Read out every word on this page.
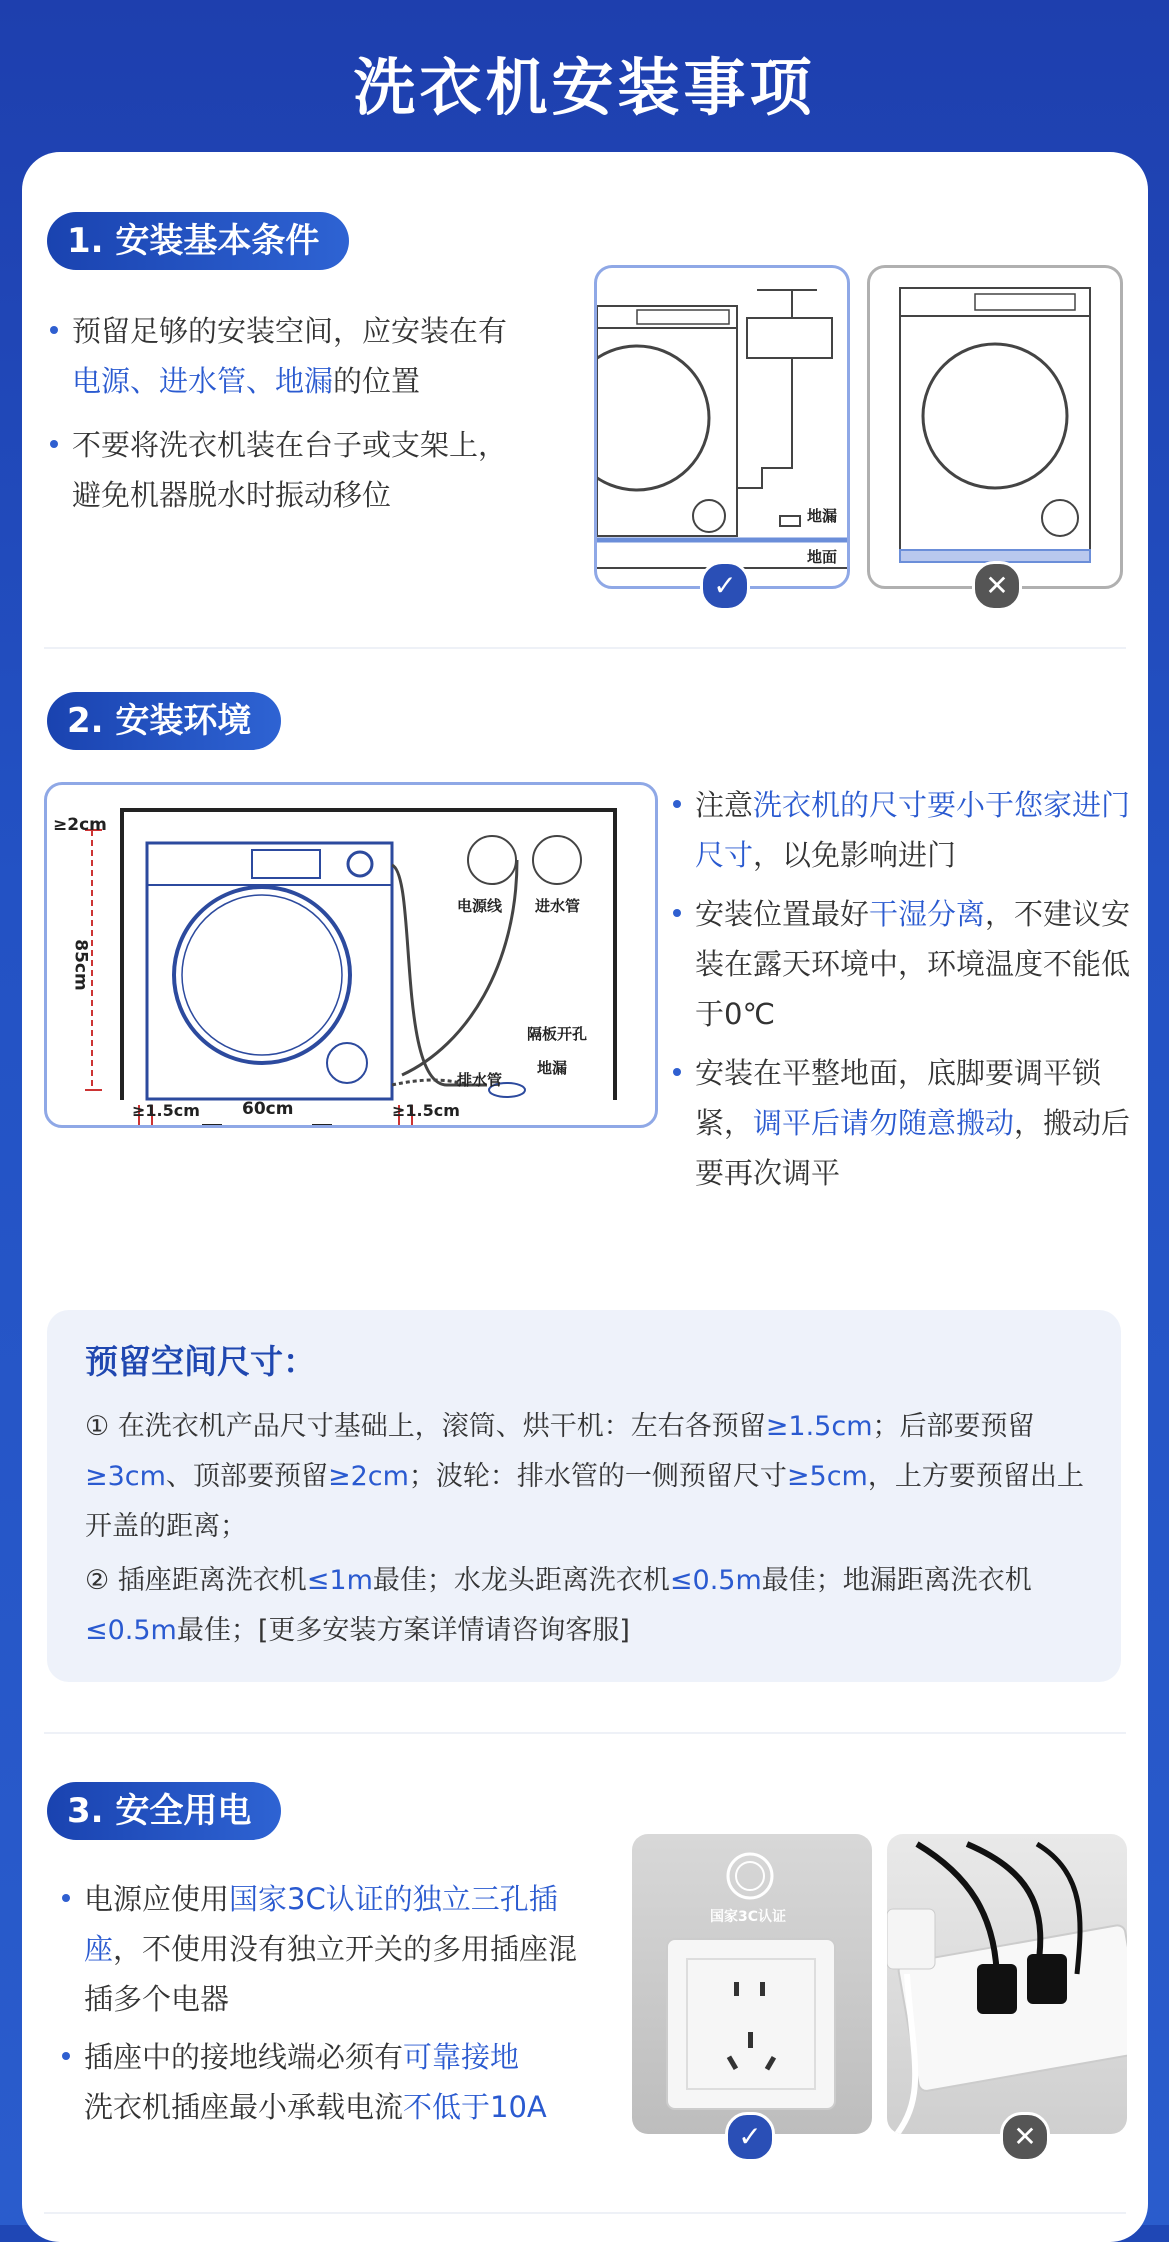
洗衣机安装事项
1. 安装基本条件
预留足够的安装空间，应安装在有
电源、进水管、地漏的位置
不要将洗衣机装在台子或支架上，
避免机器脱水时振动移位
地漏
地面
✓	✕
2. 安装环境
≥2cm
85cm
60cm
≥1.5cm	≥1.5cm
电源线 进水管
隔板开孔
地漏
排水管
注意洗衣机的尺寸要小于您家进门尺寸，以免影响进门
安装位置最好干湿分离，不建议安装在露天环境中，环境温度不能低于0℃
安装在平整地面，底脚要调平锁紧，调平后请勿随意搬动，搬动后要再次调平
预留空间尺寸：
① 在洗衣机产品尺寸基础上，滚筒、烘干机：左右各预留≥1.5cm；后部要预留≥3cm、顶部要预留≥2cm；波轮：排水管的一侧预留尺寸≥5cm，上方要预留出上开盖的距离；
② 插座距离洗衣机≤1m最佳；水龙头距离洗衣机≤0.5m最佳；地漏距离洗衣机≤0.5m最佳；[更多安装方案详情请咨询客服]
3. 安全用电
电源应使用国家3C认证的独立三孔插座，不使用没有独立开关的多用插座混插多个电器
插座中的接地线端必须有可靠接地
洗衣机插座最小承载电流不低于10A
国家3C认证
✓	✕
